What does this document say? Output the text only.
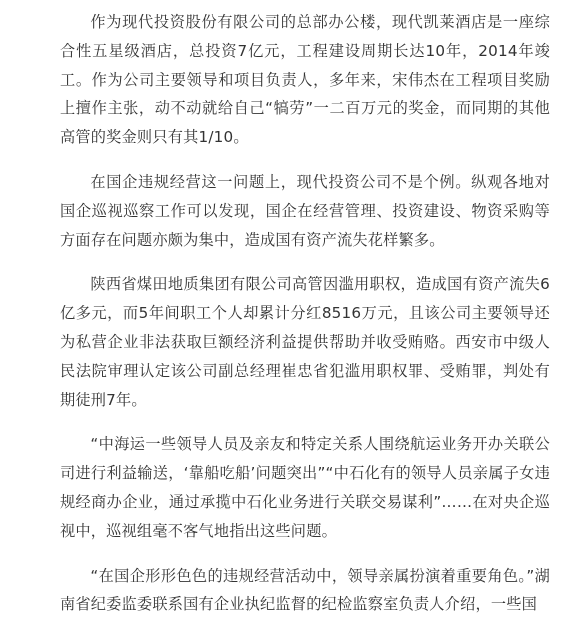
作为现代投资股份有限公司的总部办公楼，现代凯莱酒店是一座综合性五星级酒店，总投资7亿元，工程建设周期长达10年，2014年竣工。作为公司主要领导和项目负责人，多年来，宋伟杰在工程项目奖励上擅作主张，动不动就给自己“犒劳”一二百万元的奖金，而同期的其他高管的奖金则只有其1/10。

在国企违规经营这一问题上，现代投资公司不是个例。纵观各地对国企巡视巡察工作可以发现，国企在经营管理、投资建设、物资采购等方面存在问题亦颇为集中，造成国有资产流失花样繁多。

陕西省煤田地质集团有限公司高管因滥用职权，造成国有资产流失6亿多元，而5年间职工个人却累计分红8516万元，且该公司主要领导还为私营企业非法获取巨额经济利益提供帮助并收受贿赂。西安市中级人民法院审理认定该公司副总经理崔忠省犯滥用职权罪、受贿罪，判处有期徒刑7年。

“中海运一些领导人员及亲友和特定关系人围绕航运业务开办关联公司进行利益输送，‘靠船吃船’问题突出”“中石化有的领导人员亲属子女违规经商办企业，通过承揽中石化业务进行关联交易谋利”……在对央企巡视中，巡视组毫不客气地指出这些问题。

“在国企形形色色的违规经营活动中，领导亲属扮演着重要角色。”湖南省纪委监委联系国有企业执纪监督的纪检监察室负责人介绍，一些国
